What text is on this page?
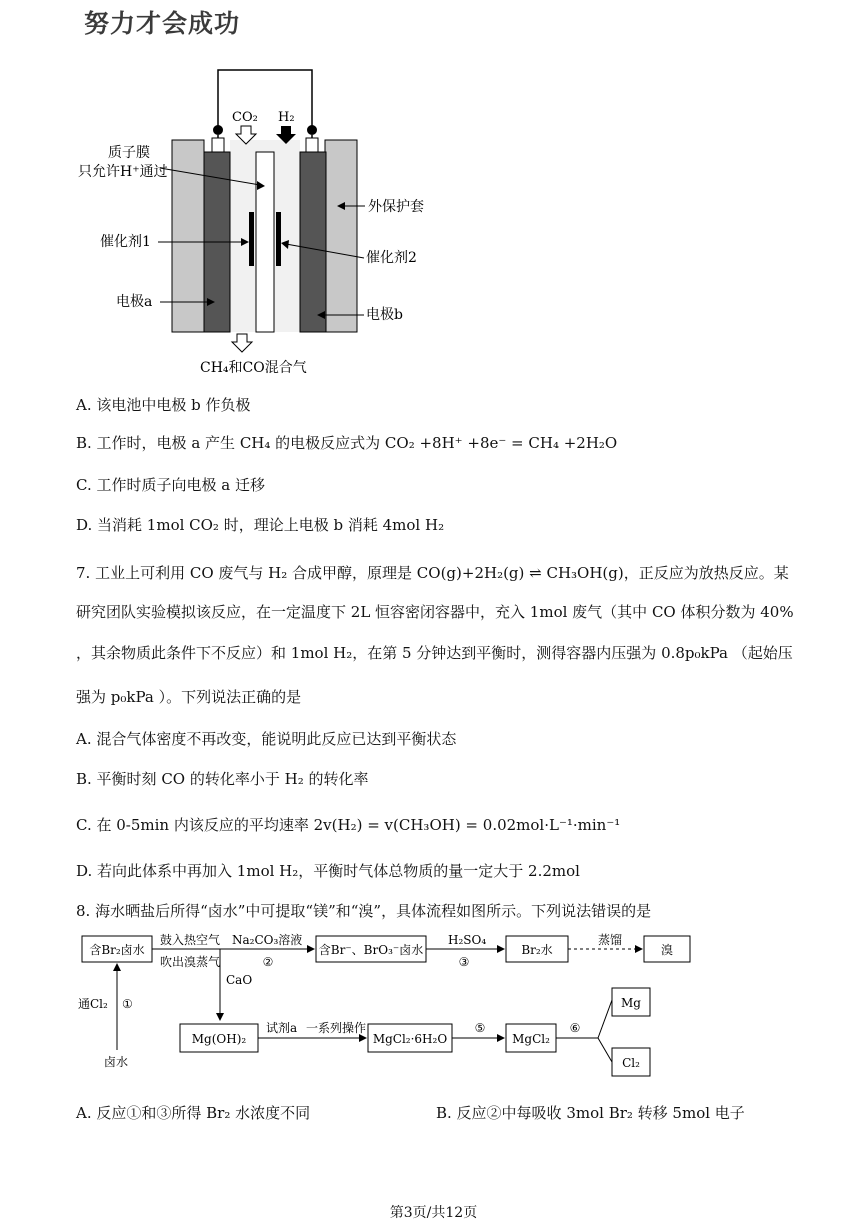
努力才会成功
CO₂ H₂
CH₄和CO混合气
质子膜
只允许H⁺通过
催化剂1
电极a
外保护套
催化剂2
电极b
A. 该电池中电极 b 作负极
B. 工作时，电极 a 产生 CH₄ 的电极反应式为 CO₂ +8H⁺ +8e⁻ = CH₄ +2H₂O
C. 工作时质子向电极 a 迁移
D. 当消耗 1mol CO₂ 时，理论上电极 b 消耗 4mol H₂
7. 工业上可利用 CO 废气与 H₂ 合成甲醇，原理是 CO(g)+2H₂(g) ⇌ CH₃OH(g)，正反应为放热反应。某
研究团队实验模拟该反应，在一定温度下 2L 恒容密闭容器中，充入 1mol 废气（其中 CO 体积分数为 40%
，其余物质此条件下不反应）和 1mol H₂，在第 5 分钟达到平衡时，测得容器内压强为 0.8p₀kPa （起始压
强为 p₀kPa ）。下列说法正确的是
A. 混合气体密度不再改变，能说明此反应已达到平衡状态
B. 平衡时刻 CO 的转化率小于 H₂ 的转化率
C. 在 0-5min 内该反应的平均速率 2v(H₂) = v(CH₃OH) = 0.02mol·L⁻¹·min⁻¹
D. 若向此体系中再加入 1mol H₂，平衡时气体总物质的量一定大于 2.2mol
8. 海水晒盐后所得“卤水”中可提取“镁”和“溴”，具体流程如图所示。下列说法错误的是
含Br₂卤水
鼓入热空气
吹出溴蒸气
Na₂CO₃溶液
②
含Br⁻、BrO₃⁻卤水
H₂SO₄
③
Br₂水
蒸馏
溴
CaO
通Cl₂ ①
卤水
Mg(OH)₂
试剂a 一系列操作
MgCl₂·6H₂O
⑤
MgCl₂
⑥
Mg
Cl₂
A. 反应①和③所得 Br₂ 水浓度不同	B. 反应②中每吸收 3mol Br₂ 转移 5mol 电子
第3页/共12页
